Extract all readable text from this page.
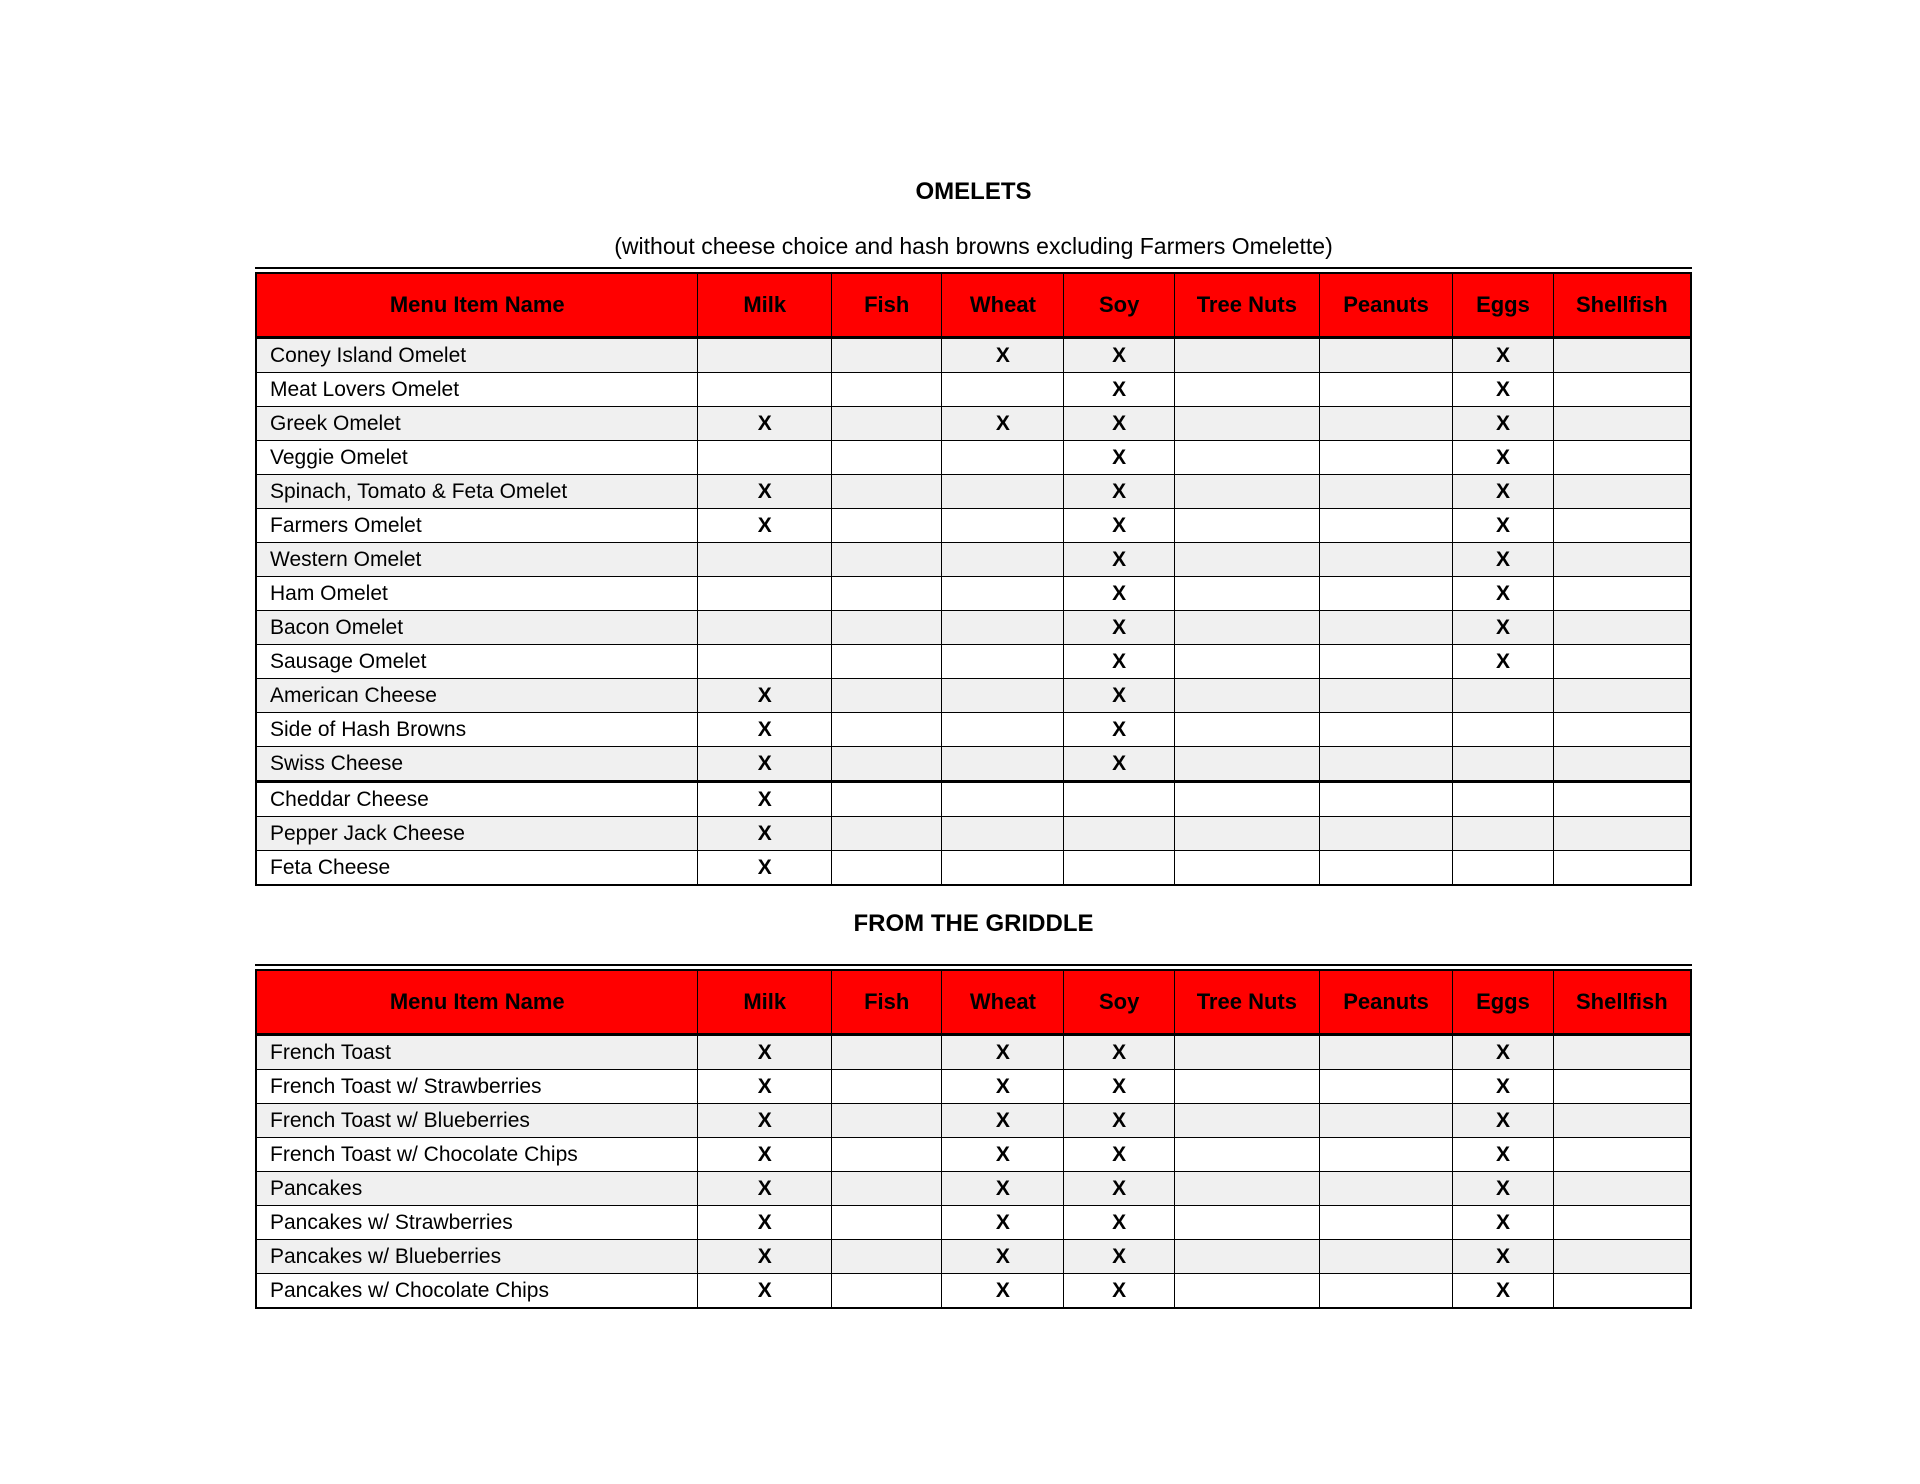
OMELETS
(without cheese choice and hash browns excluding Farmers Omelette)
Menu Item Name	Milk	Fish	Wheat	Soy	Tree Nuts	Peanuts	Eggs	Shellfish
Coney Island Omelet			X	X			X	
Meat Lovers Omelet				X			X	
Greek Omelet	X		X	X			X	
Veggie Omelet				X			X	
Spinach, Tomato & Feta Omelet	X			X			X	
Farmers Omelet	X			X			X	
Western Omelet				X			X	
Ham Omelet				X			X	
Bacon Omelet				X			X	
Sausage Omelet				X			X	
American Cheese	X			X				
Side of Hash Browns	X			X				
Swiss Cheese	X			X				
Cheddar Cheese	X							
Pepper Jack Cheese	X							
Feta Cheese	X							
FROM THE GRIDDLE
Menu Item Name	Milk	Fish	Wheat	Soy	Tree Nuts	Peanuts	Eggs	Shellfish
French Toast	X		X	X			X	
French Toast w/ Strawberries	X		X	X			X	
French Toast w/ Blueberries	X		X	X			X	
French Toast w/ Chocolate Chips	X		X	X			X	
Pancakes	X		X	X			X	
Pancakes w/ Strawberries	X		X	X			X	
Pancakes w/ Blueberries	X		X	X			X	
Pancakes w/ Chocolate Chips	X		X	X			X	
